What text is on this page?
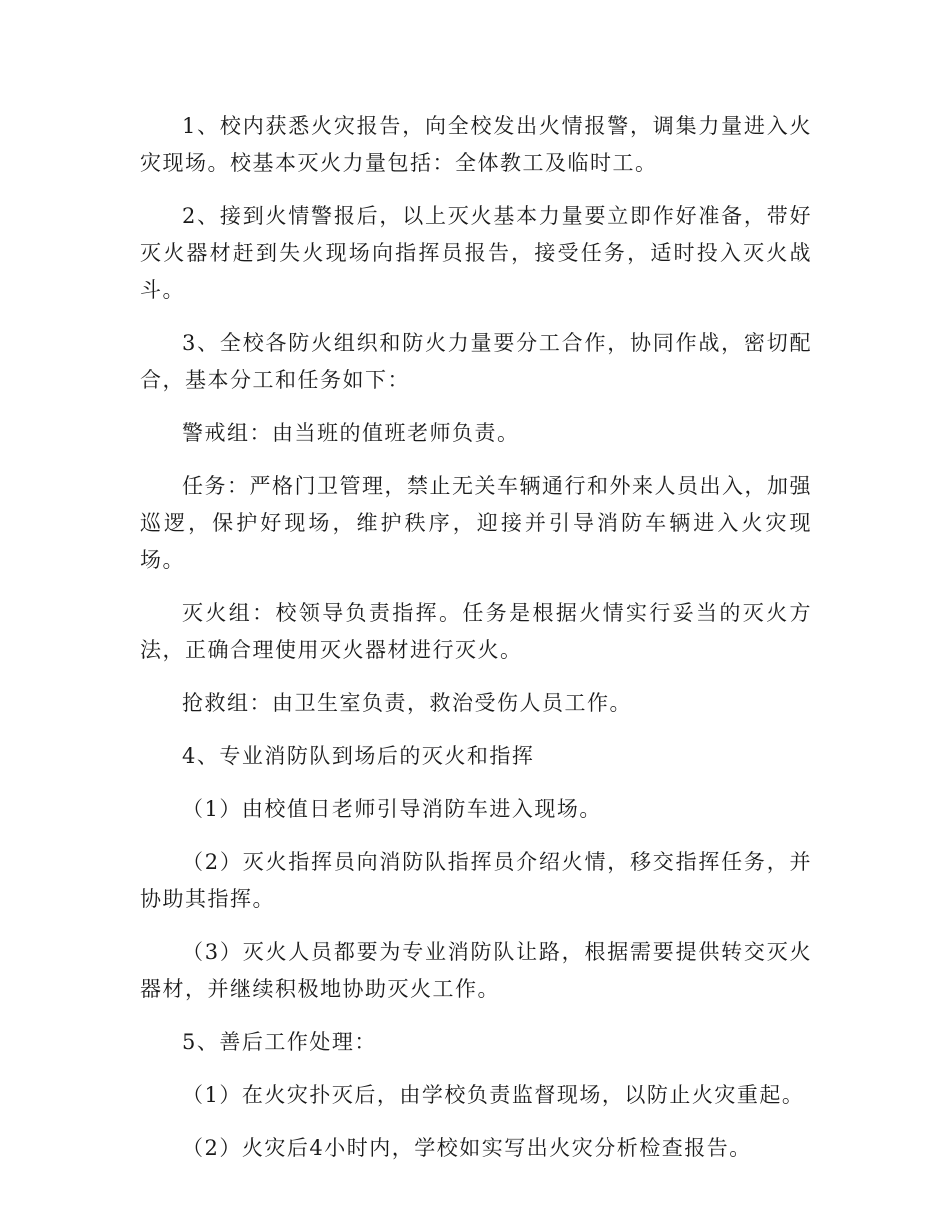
1、校内获悉火灾报告，向全校发出火情报警，调集力量进入火灾现场。校基本灭火力量包括：全体教工及临时工。

2、接到火情警报后，以上灭火基本力量要立即作好准备，带好灭火器材赶到失火现场向指挥员报告，接受任务，适时投入灭火战斗。

3、全校各防火组织和防火力量要分工合作，协同作战，密切配合，基本分工和任务如下：

警戒组：由当班的值班老师负责。

任务：严格门卫管理，禁止无关车辆通行和外来人员出入，加强巡逻，保护好现场，维护秩序，迎接并引导消防车辆进入火灾现场。

灭火组：校领导负责指挥。任务是根据火情实行妥当的灭火方法，正确合理使用灭火器材进行灭火。

抢救组：由卫生室负责，救治受伤人员工作。

4、专业消防队到场后的灭火和指挥

（1）由校值日老师引导消防车进入现场。

（2）灭火指挥员向消防队指挥员介绍火情，移交指挥任务，并协助其指挥。

（3）灭火人员都要为专业消防队让路，根据需要提供转交灭火器材，并继续积极地协助灭火工作。

5、善后工作处理：

（1）在火灾扑灭后，由学校负责监督现场，以防止火灾重起。

（2）火灾后4小时内，学校如实写出火灾分析检查报告。
